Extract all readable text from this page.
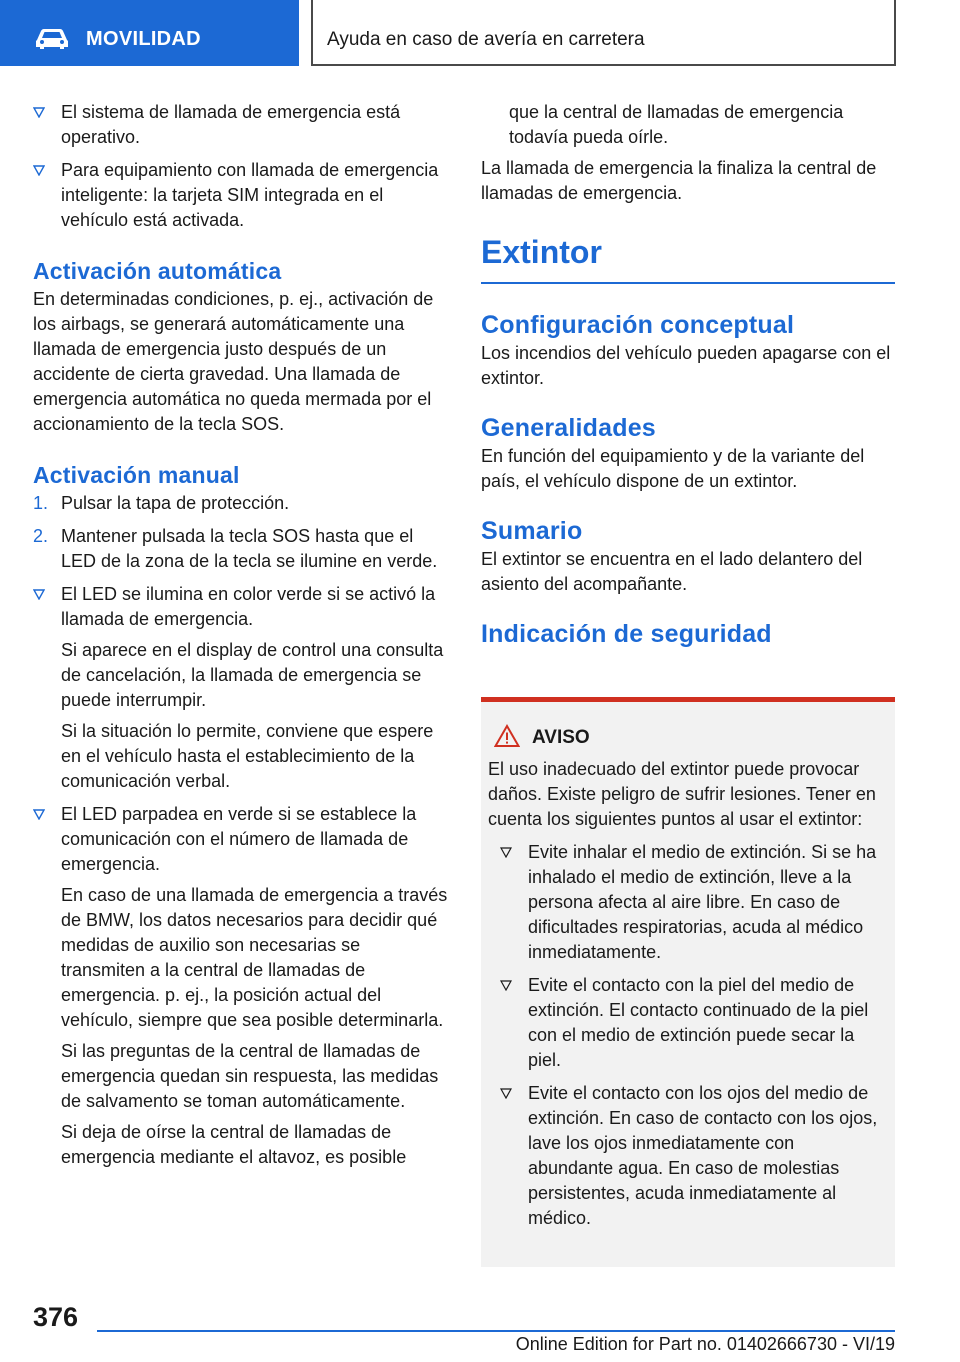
MOVILIDAD	Ayuda en caso de avería en carretera
El sistema de llamada de emergencia está operativo.
Para equipamiento con llamada de emergencia inteligente: la tarjeta SIM integrada en el vehículo está activada.
Activación automática

En determinadas condiciones, p. ej., activación de los airbags, se generará automáticamente una llamada de emergencia justo después de un accidente de cierta gravedad. Una llamada de emergencia automática no queda mermada por el accionamiento de la tecla SOS.

Activación manual
1. Pulsar la tapa de protección.
2. Mantener pulsada la tecla SOS hasta que el LED de la zona de la tecla se ilumine en verde.
El LED se ilumina en color verde si se activó la llamada de emergencia.

Si aparece en el display de control una consulta de cancelación, la llamada de emergencia se puede interrumpir.

Si la situación lo permite, conviene que espere en el vehículo hasta el establecimiento de la comunicación verbal.

El LED parpadea en verde si se establece la comunicación con el número de llamada de emergencia.

En caso de una llamada de emergencia a través de BMW, los datos necesarios para decidir qué medidas de auxilio son necesarias se transmiten a la central de llamadas de emergencia. p. ej., la posición actual del vehículo, siempre que sea posible determinarla.

Si las preguntas de la central de llamadas de emergencia quedan sin respuesta, las medidas de salvamento se toman automáticamente.

Si deja de oírse la central de llamadas de emergencia mediante el altavoz, es posible

que la central de llamadas de emergencia todavía pueda oírle.

La llamada de emergencia la finaliza la central de llamadas de emergencia.

Extintor
Configuración conceptual

Los incendios del vehículo pueden apagarse con el extintor.

Generalidades

En función del equipamiento y de la variante del país, el vehículo dispone de un extintor.

Sumario

El extintor se encuentra en el lado delantero del asiento del acompañante.

Indicación de seguridad
AVISO

El uso inadecuado del extintor puede provocar daños. Existe peligro de sufrir lesiones. Tener en cuenta los siguientes puntos al usar el extintor:

Evite inhalar el medio de extinción. Si se ha inhalado el medio de extinción, lleve a la persona afecta al aire libre. En caso de dificultades respiratorias, acuda al médico inmediatamente.
Evite el contacto con la piel del medio de extinción. El contacto continuado de la piel con el medio de extinción puede secar la piel.
Evite el contacto con los ojos del medio de extinción. En caso de contacto con los ojos, lave los ojos inmediatamente con abundante agua. En caso de molestias persistentes, acuda inmediatamente al médico.
376
Online Edition for Part no. 01402666730 - VI/19
